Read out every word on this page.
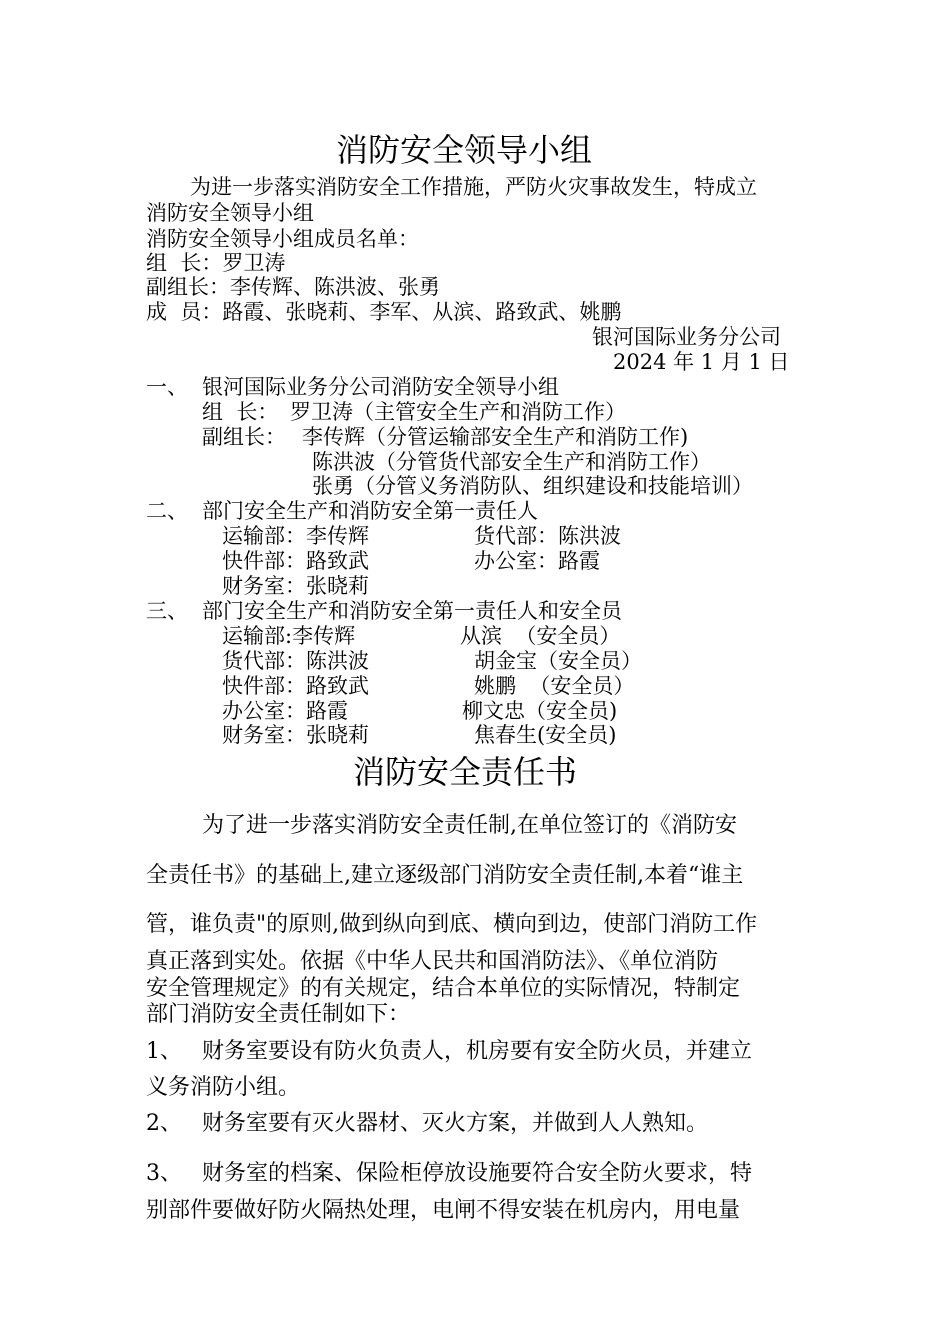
消防安全领导小组
为进一步落实消防安全工作措施，严防火灾事故发生，特成立
消防安全领导小组
消防安全领导小组成员名单：
组  长：罗卫涛
副组长：李传辉、陈洪波、张勇
成  员：路霞、张晓莉、李军、从滨、路致武、姚鹏
银河国际业务分公司
2024 年 1 月 1 日
一、 银河国际业务分公司消防安全领导小组
组  长： 罗卫涛（主管安全生产和消防工作）
副组长： 李传辉（分管运输部安全生产和消防工作)
陈洪波（分管货代部安全生产和消防工作）
张勇（分管义务消防队、组织建设和技能培训）
二、 部门安全生产和消防安全第一责任人
运输部：李传辉	货代部：陈洪波
快件部：路致武	办公室：路霞
财务室：张晓莉
三、 部门安全生产和消防安全第一责任人和安全员
运输部:李传辉	从滨  （安全员）
货代部：陈洪波	胡金宝（安全员）
快件部：路致武	姚鹏  （安全员）
办公室：路霞	柳文忠（安全员)
财务室：张晓莉	焦春生(安全员)
消防安全责任书
为了进一步落实消防安全责任制,在单位签订的《消防安
全责任书》的基础上,建立逐级部门消防安全责任制,本着“谁主
管，谁负责"的原则,做到纵向到底、横向到边，使部门消防工作
真正落到实处。依据《中华人民共和国消防法》、《单位消防
安全管理规定》的有关规定，结合本单位的实际情况，特制定
部门消防安全责任制如下：
1、 财务室要设有防火负责人，机房要有安全防火员，并建立
义务消防小组。
2、 财务室要有灭火器材、灭火方案，并做到人人熟知。
3、 财务室的档案、保险柜停放设施要符合安全防火要求，特
别部件要做好防火隔热处理，电闸不得安装在机房内，用电量
